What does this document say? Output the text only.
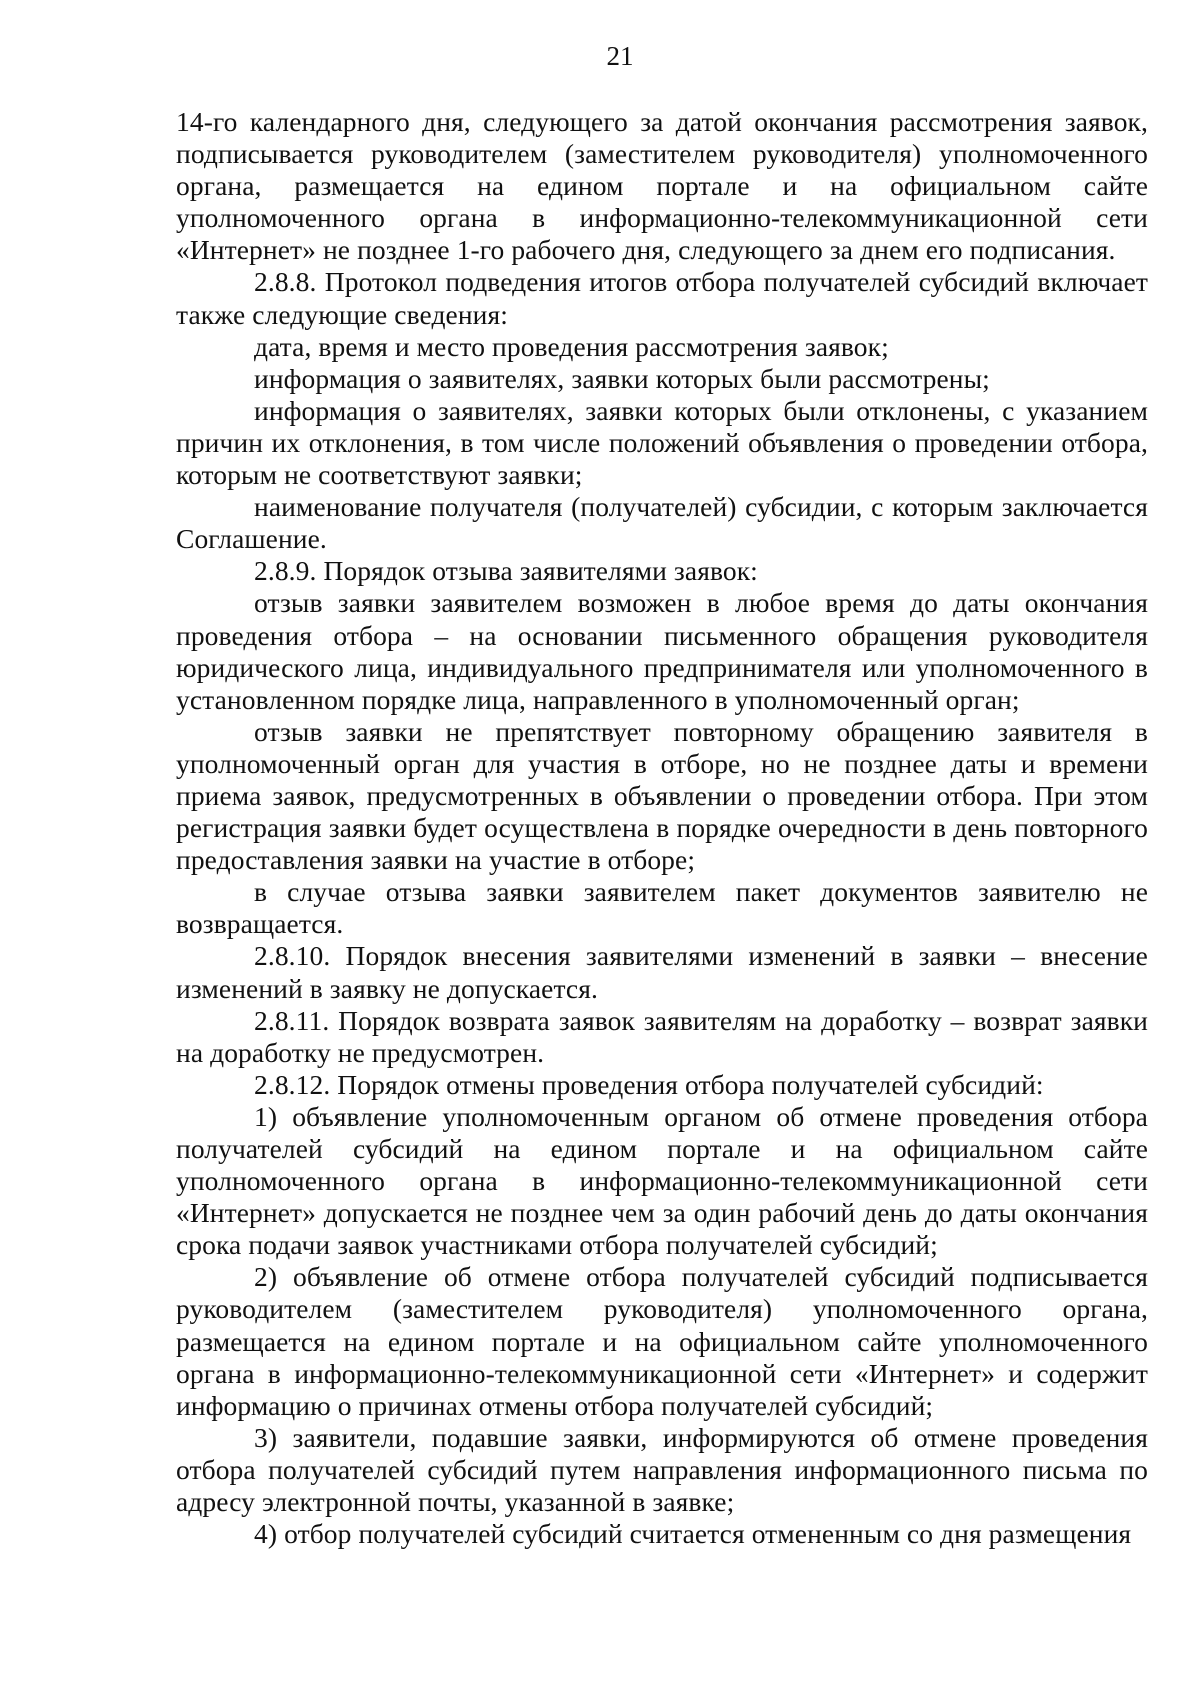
21

14-го календарного дня, следующего за датой окончания рассмотрения заявок, подписывается руководителем (заместителем руководителя) уполномоченного органа, размещается на едином портале и на официальном сайте уполномоченного органа в информационно-телекоммуникационной сети «Интернет» не позднее 1-го рабочего дня, следующего за днем его подписания.

2.8.8. Протокол подведения итогов отбора получателей субсидий включает также следующие сведения:

дата, время и место проведения рассмотрения заявок;

информация о заявителях, заявки которых были рассмотрены;

информация о заявителях, заявки которых были отклонены, с указанием причин их отклонения, в том числе положений объявления о проведении отбора, которым не соответствуют заявки;

наименование получателя (получателей) субсидии, с которым заключается Соглашение.

2.8.9. Порядок отзыва заявителями заявок:

отзыв заявки заявителем возможен в любое время до даты окончания проведения отбора – на основании письменного обращения руководителя юридического лица, индивидуального предпринимателя или уполномоченного в установленном порядке лица, направленного в уполномоченный орган;

отзыв заявки не препятствует повторному обращению заявителя в уполномоченный орган для участия в отборе, но не позднее даты и времени приема заявок, предусмотренных в объявлении о проведении отбора. При этом регистрация заявки будет осуществлена в порядке очередности в день повторного предоставления заявки на участие в отборе;

в случае отзыва заявки заявителем пакет документов заявителю не возвращается.

2.8.10. Порядок внесения заявителями изменений в заявки – внесение изменений в заявку не допускается.

2.8.11. Порядок возврата заявок заявителям на доработку – возврат заявки на доработку не предусмотрен.

2.8.12. Порядок отмены проведения отбора получателей субсидий:

1) объявление уполномоченным органом об отмене проведения отбора получателей субсидий на едином портале и на официальном сайте уполномоченного органа в информационно-телекоммуникационной сети «Интернет» допускается не позднее чем за один рабочий день до даты окончания срока подачи заявок участниками отбора получателей субсидий;

2) объявление об отмене отбора получателей субсидий подписывается руководителем (заместителем руководителя) уполномоченного органа, размещается на едином портале и на официальном сайте уполномоченного органа в информационно-телекоммуникационной сети «Интернет» и содержит информацию о причинах отмены отбора получателей субсидий;

3) заявители, подавшие заявки, информируются об отмене проведения отбора получателей субсидий путем направления информационного письма по адресу электронной почты, указанной в заявке;

4) отбор получателей субсидий считается отмененным со дня размещения
